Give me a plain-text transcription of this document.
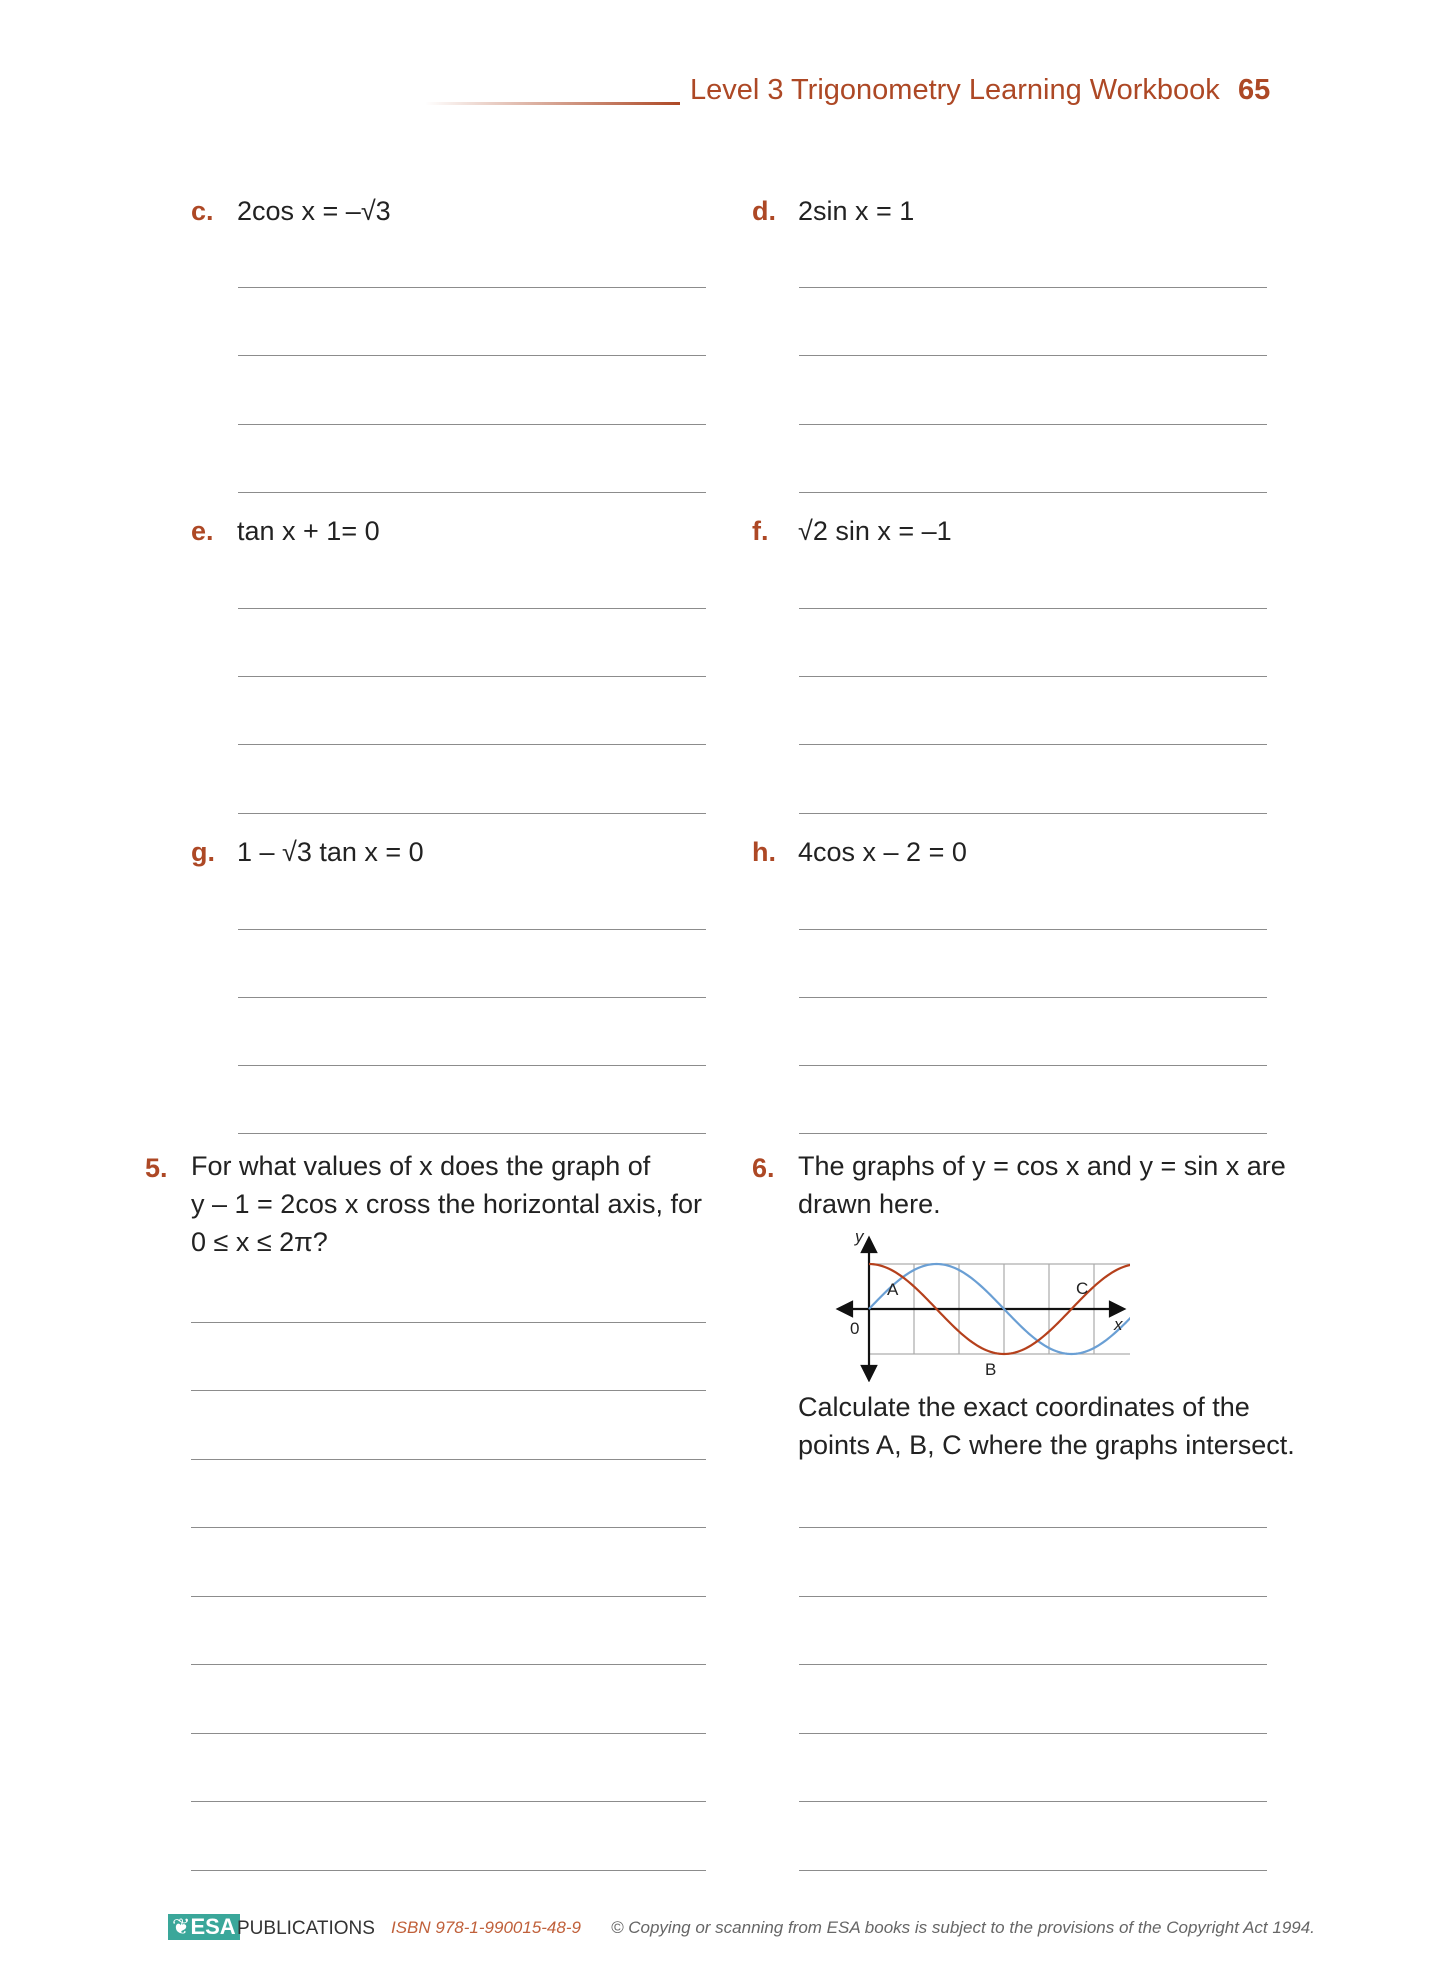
Level 3 Trigonometry Learning Workbook 65
c. 2cos x = –√3	d. 2sin x = 1
e. tan x + 1= 0	f. √2 sin x = –1
g. 1 – √3 tan x = 0	h. 4cos x – 2 = 0
5. For what values of x does the graph of
y – 1 = 2cos x cross the horizontal axis, for
0 ≤ x ≤ 2π?
6. The graphs of y = cos x and y = sin x are
drawn here.
y
x
0
A
B
C
Calculate the exact coordinates of the
points A, B, C where the graphs intersect.
❦ESA PUBLICATIONS ISBN 978-1-990015-48-9 © Copying or scanning from ESA books is subject to the provisions of the Copyright Act 1994.
